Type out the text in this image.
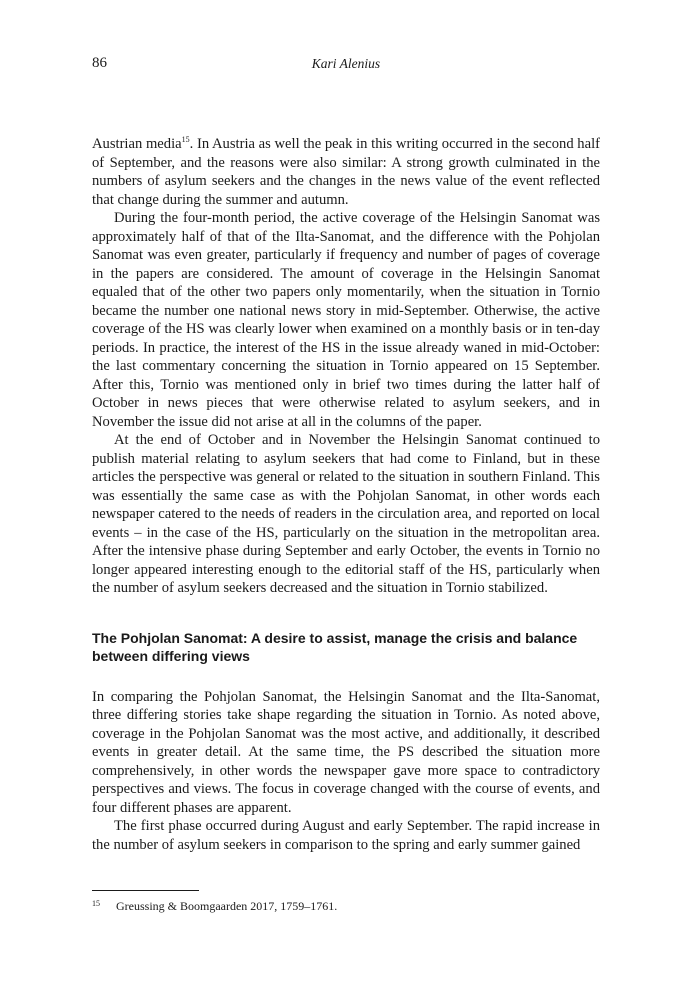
86	Kari Alenius

Austrian media$^{15}$. In Austria as well the peak in this writing occurred in the second half of September, and the reasons were also similar: A strong growth culminated in the numbers of asylum seekers and the changes in the news value of the event reflected that change during the summer and autumn.

During the four-month period, the active coverage of the Helsingin Sanomat was approximately half of that of the Ilta-Sanomat, and the difference with the Pohjolan Sanomat was even greater, particularly if frequency and number of pages of coverage in the papers are considered. The amount of coverage in the Helsingin Sanomat equaled that of the other two papers only momentarily, when the situation in Tornio became the number one national news story in mid-September. Otherwise, the active coverage of the HS was clearly lower when examined on a monthly basis or in ten-day periods. In practice, the interest of the HS in the issue already waned in mid-October: the last commentary concerning the situation in Tornio appeared on 15 September. After this, Tornio was mentioned only in brief two times during the latter half of October in news pieces that were otherwise related to asylum seekers, and in November the issue did not arise at all in the columns of the paper.

At the end of October and in November the Helsingin Sanomat continued to publish material relating to asylum seekers that had come to Finland, but in these articles the perspective was general or related to the situation in southern Finland. This was essentially the same case as with the Pohjolan Sanomat, in other words each newspaper catered to the needs of readers in the circulation area, and reported on local events – in the case of the HS, particularly on the situation in the metropolitan area. After the intensive phase during September and early October, the events in Tornio no longer appeared interesting enough to the editorial staff of the HS, particularly when the number of asylum seekers decreased and the situation in Tornio stabilized.

The Pohjolan Sanomat: A desire to assist, manage the crisis and balance between differing views

In comparing the Pohjolan Sanomat, the Helsingin Sanomat and the Ilta-Sanomat, three differing stories take shape regarding the situation in Tornio. As noted above, coverage in the Pohjolan Sanomat was the most active, and additionally, it described events in greater detail. At the same time, the PS described the situation more comprehensively, in other words the newspaper gave more space to contradictory perspectives and views. The focus in coverage changed with the course of events, and four different phases are apparent.

The first phase occurred during August and early September. The rapid increase in the number of asylum seekers in comparison to the spring and early summer gained

15 Greussing & Boomgaarden 2017, 1759–1761.
